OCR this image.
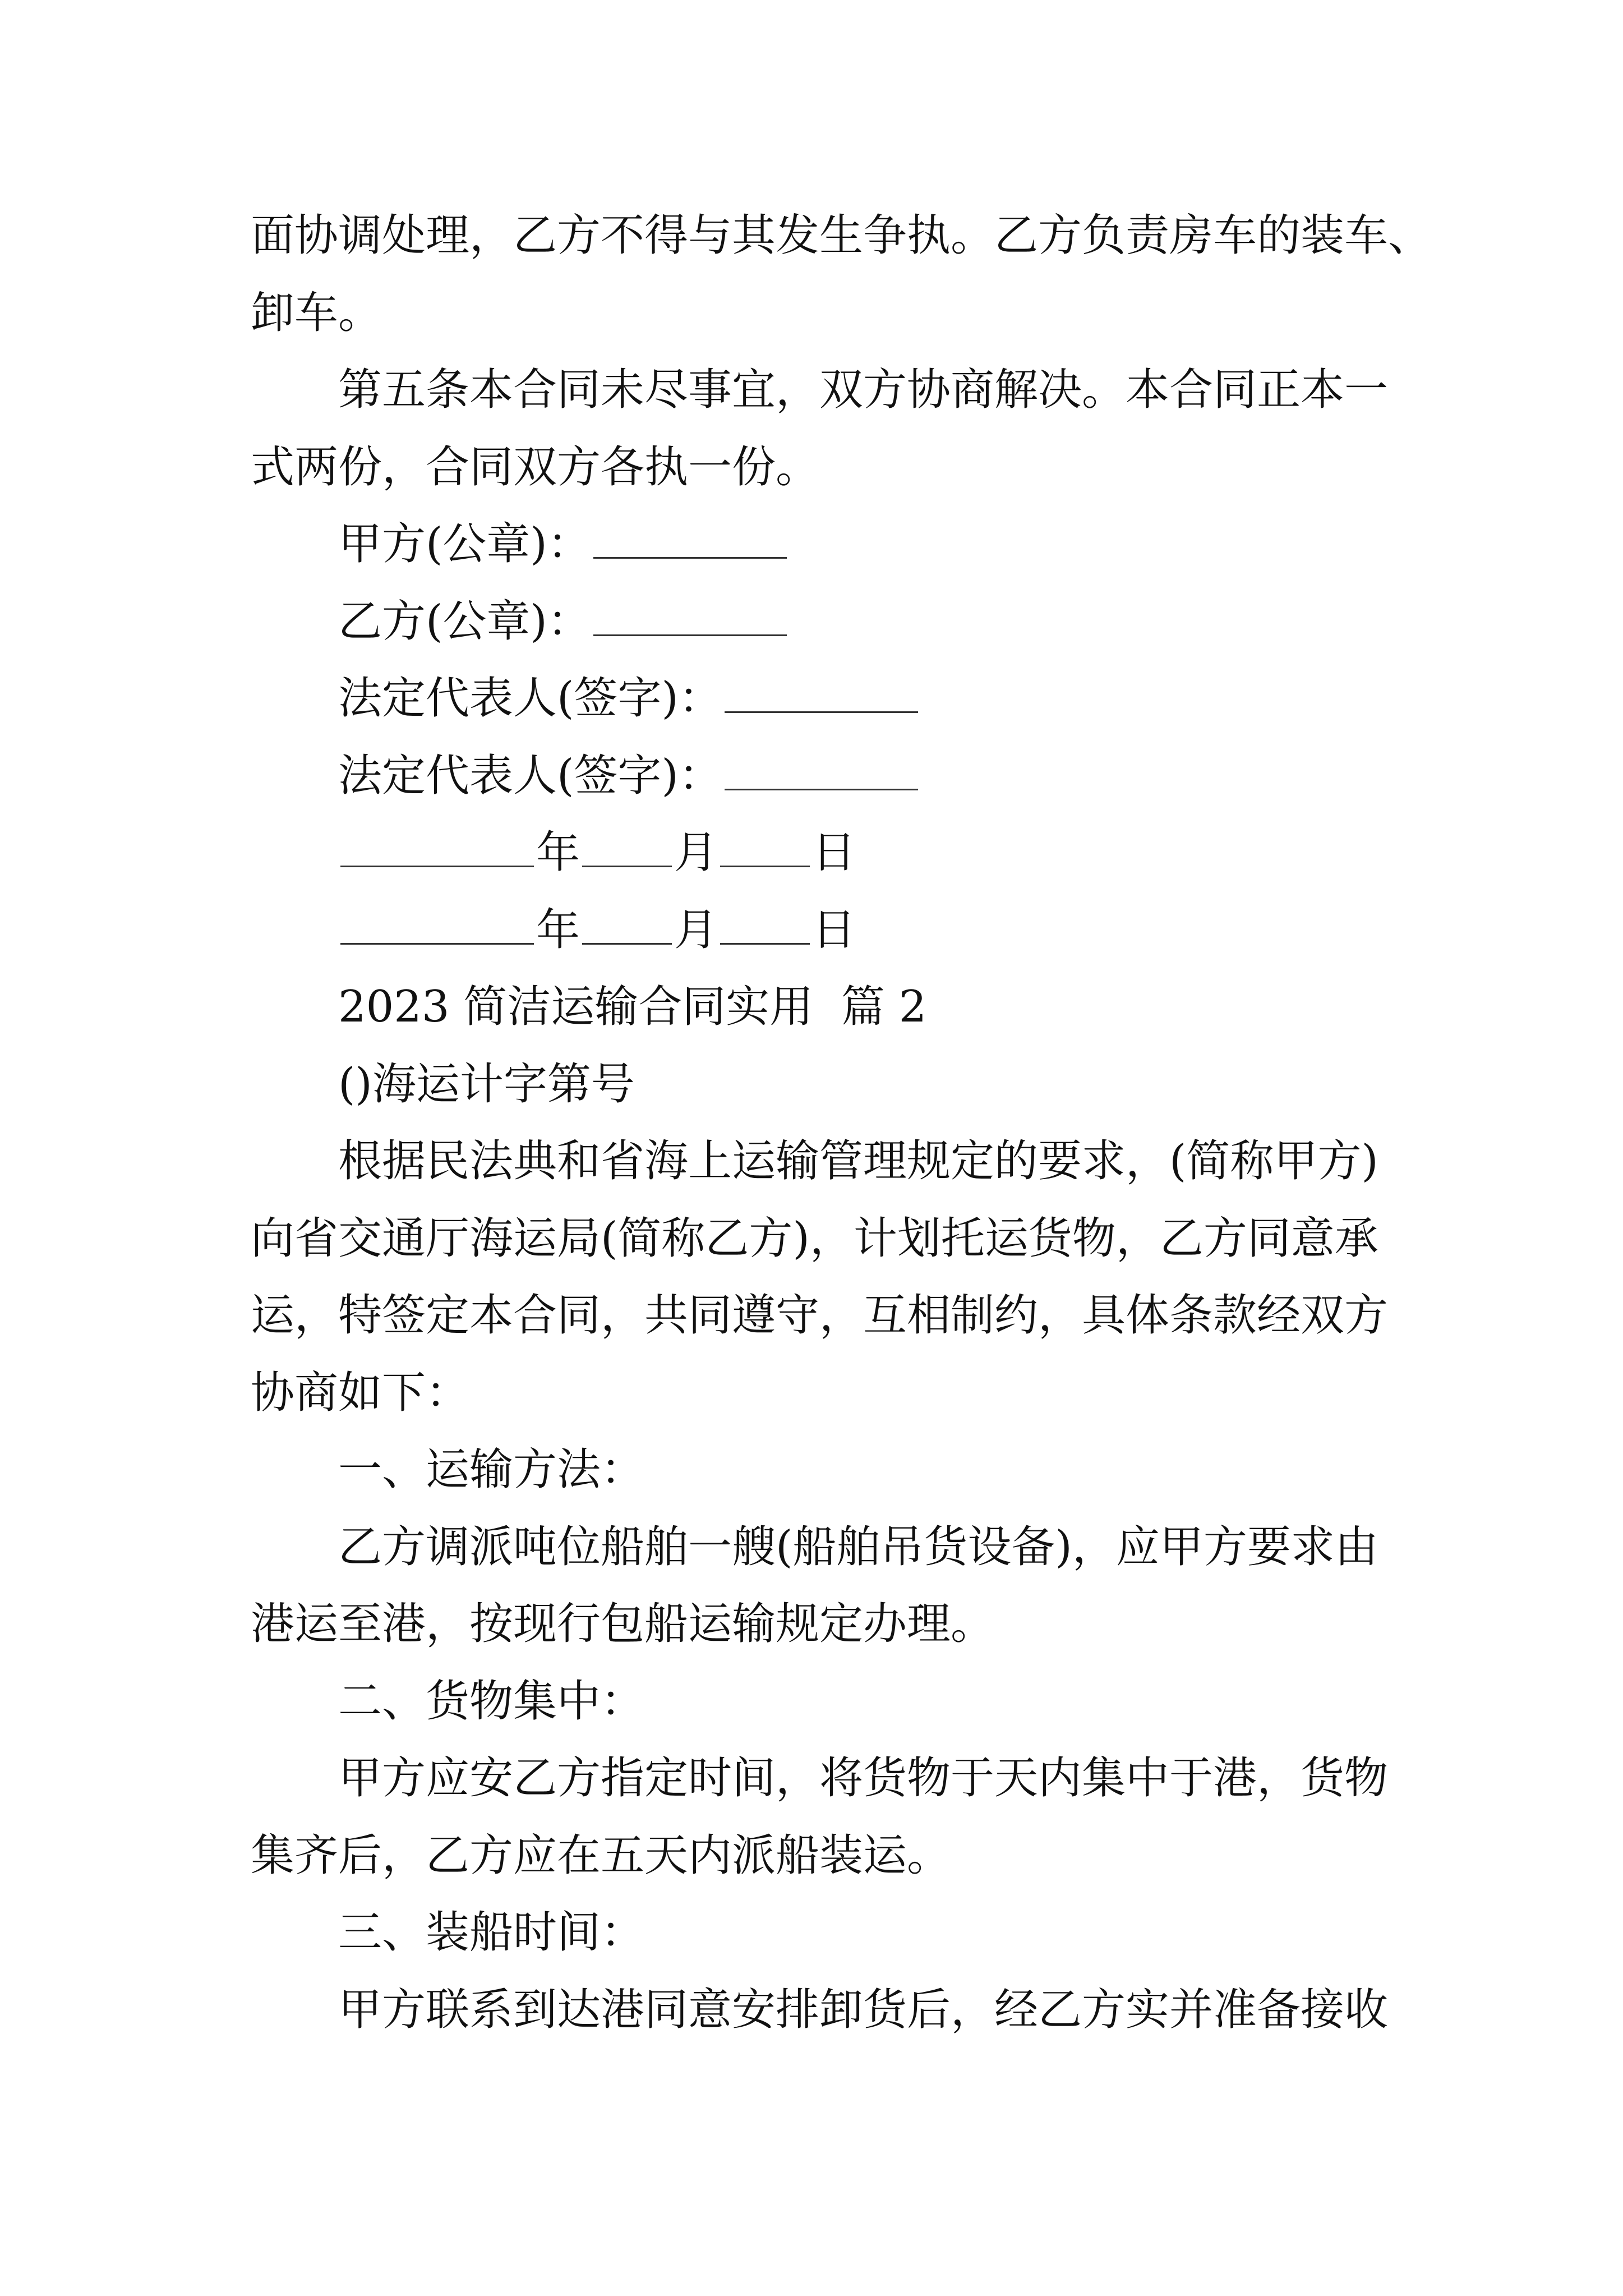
面协调处理，乙方不得与其发生争执。乙方负责房车的装车、
卸车。
第五条本合同未尽事宜，双方协商解决。本合同正本一
式两份，合同双方各执一份。
甲方(公章)：
乙方(公章)：
法定代表人(签字)：
法定代表人(签字)：
年 月 日
年 月 日
2023 简洁运输合同实用  篇 2
()海运计字第号
根据民法典和省海上运输管理规定的要求，(简称甲方)
向省交通厅海运局(简称乙方)，计划托运货物，乙方同意承
运，特签定本合同，共同遵守，互相制约，具体条款经双方
协商如下：
一、运输方法：
乙方调派吨位船舶一艘(船舶吊货设备)，应甲方要求由
港运至港，按现行包船运输规定办理。
二、货物集中：
甲方应安乙方指定时间，将货物于天内集中于港，货物
集齐后，乙方应在五天内派船装运。
三、装船时间：
甲方联系到达港同意安排卸货后，经乙方实并准备接收
